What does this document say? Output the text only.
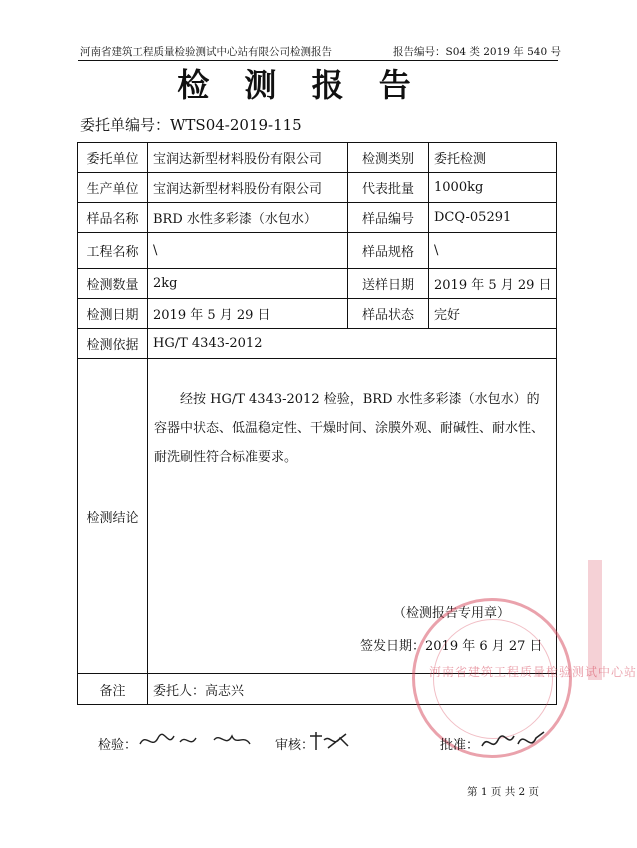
河南省建筑工程质量检验测试中心站有限公司检测报告	报告编号：S04 类 2019 年 540 号
检 测 报 告
委托单编号：WTS04-2019-115
委托单位	宝润达新型材料股份有限公司	检测类别	委托检测
生产单位	宝润达新型材料股份有限公司	代表批量	1000kg
样品名称	BRD 水性多彩漆（水包水）	样品编号	DCQ-05291
工程名称	\	样品规格	\
检测数量	2kg	送样日期	2019 年 5 月 29 日
检测日期	2019 年 5 月 29 日	样品状态	完好
检测依据	HG/T 4343-2012		
检测结论	经按 HG/T 4343-2012 检验，BRD 水性多彩漆（水包水）的容器中状态、低温稳定性、干燥时间、涂膜外观、耐碱性、耐水性、耐洗刷性符合标准要求。
（检测报告专用章）
签发日期：2019 年 6 月 27 日		

备注	委托人：高志兴		
河南省建筑工程质量检验测试中心站
检验：	审核：	批准：
第 1 页 共 2 页
